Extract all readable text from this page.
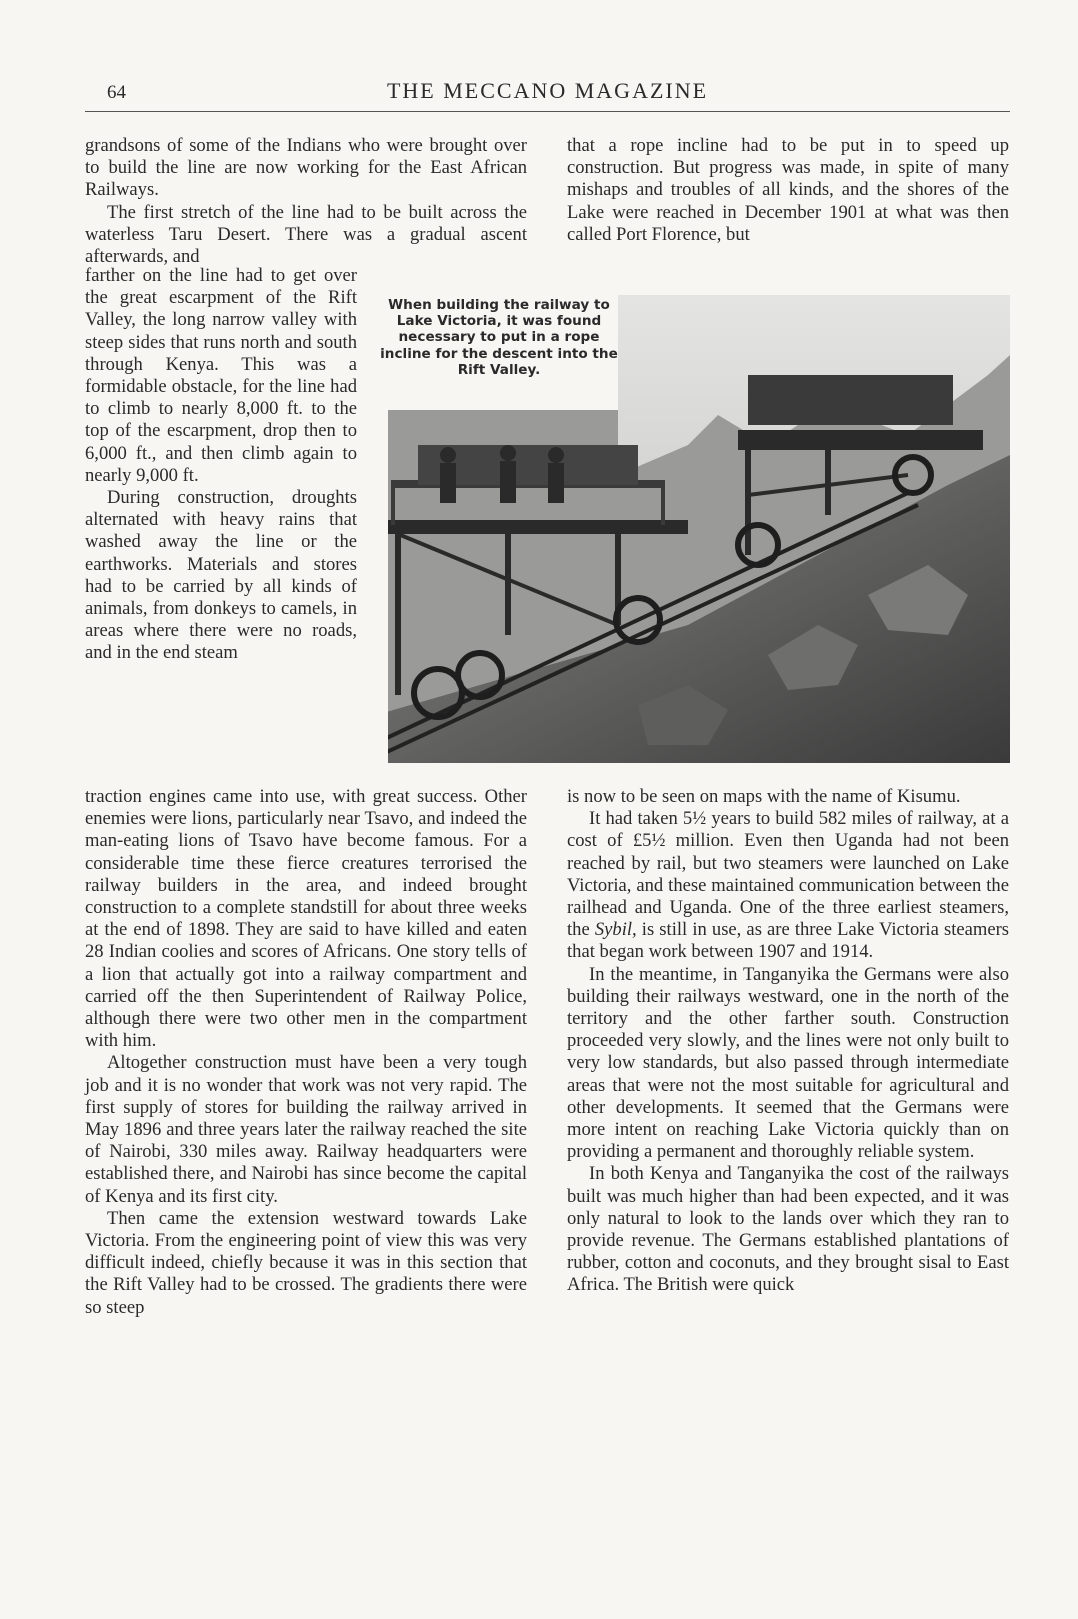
64	THE MECCANO MAGAZINE

grandsons of some of the Indians who were brought over to build the line are now working for the East African Railways.

The first stretch of the line had to be built across the waterless Taru Desert. There was a gradual ascent afterwards, and

farther on the line had to get over the great escarpment of the Rift Valley, the long narrow valley with steep sides that runs north and south through Kenya. This was a formidable obstacle, for the line had to climb to nearly 8,000 ft. to the top of the escarpment, drop then to 6,000 ft., and then climb again to nearly 9,000 ft.

During construction, droughts alternated with heavy rains that washed away the line or the earthworks. Materials and stores had to be carried by all kinds of animals, from donkeys to camels, in areas where there were no roads, and in the end steam

traction engines came into use, with great success. Other enemies were lions, particularly near Tsavo, and indeed the man-eating lions of Tsavo have become famous. For a considerable time these fierce creatures terrorised the railway builders in the area, and indeed brought construction to a complete standstill for about three weeks at the end of 1898. They are said to have killed and eaten 28 Indian coolies and scores of Africans. One story tells of a lion that actually got into a railway compartment and carried off the then Superintendent of Railway Police, although there were two other men in the compartment with him.

Altogether construction must have been a very tough job and it is no wonder that work was not very rapid. The first supply of stores for building the railway arrived in May 1896 and three years later the railway reached the site of Nairobi, 330 miles away. Railway headquarters were established there, and Nairobi has since become the capital of Kenya and its first city.

Then came the extension westward towards Lake Victoria. From the engineering point of view this was very difficult indeed, chiefly because it was in this section that the Rift Valley had to be crossed. The gradients there were so steep

that a rope incline had to be put in to speed up construction. But progress was made, in spite of many mishaps and troubles of all kinds, and the shores of the Lake were reached in December 1901 at what was then called Port Florence, but

is now to be seen on maps with the name of Kisumu.

It had taken 5½ years to build 582 miles of railway, at a cost of £5½ million. Even then Uganda had not been reached by rail, but two steamers were launched on Lake Victoria, and these maintained communication between the railhead and Uganda. One of the three earliest steamers, the Sybil, is still in use, as are three Lake Victoria steamers that began work between 1907 and 1914.

In the meantime, in Tanganyika the Germans were also building their railways westward, one in the north of the territory and the other farther south. Construction proceeded very slowly, and the lines were not only built to very low standards, but also passed through intermediate areas that were not the most suitable for agricultural and other developments. It seemed that the Germans were more intent on reaching Lake Victoria quickly than on providing a permanent and thoroughly reliable system.

In both Kenya and Tanganyika the cost of the railways built was much higher than had been expected, and it was only natural to look to the lands over which they ran to provide revenue. The Germans established plantations of rubber, cotton and coconuts, and they brought sisal to East Africa. The British were quick

When building the railway to Lake Victoria, it was found necessary to put in a rope incline for the descent into the Rift Valley.
